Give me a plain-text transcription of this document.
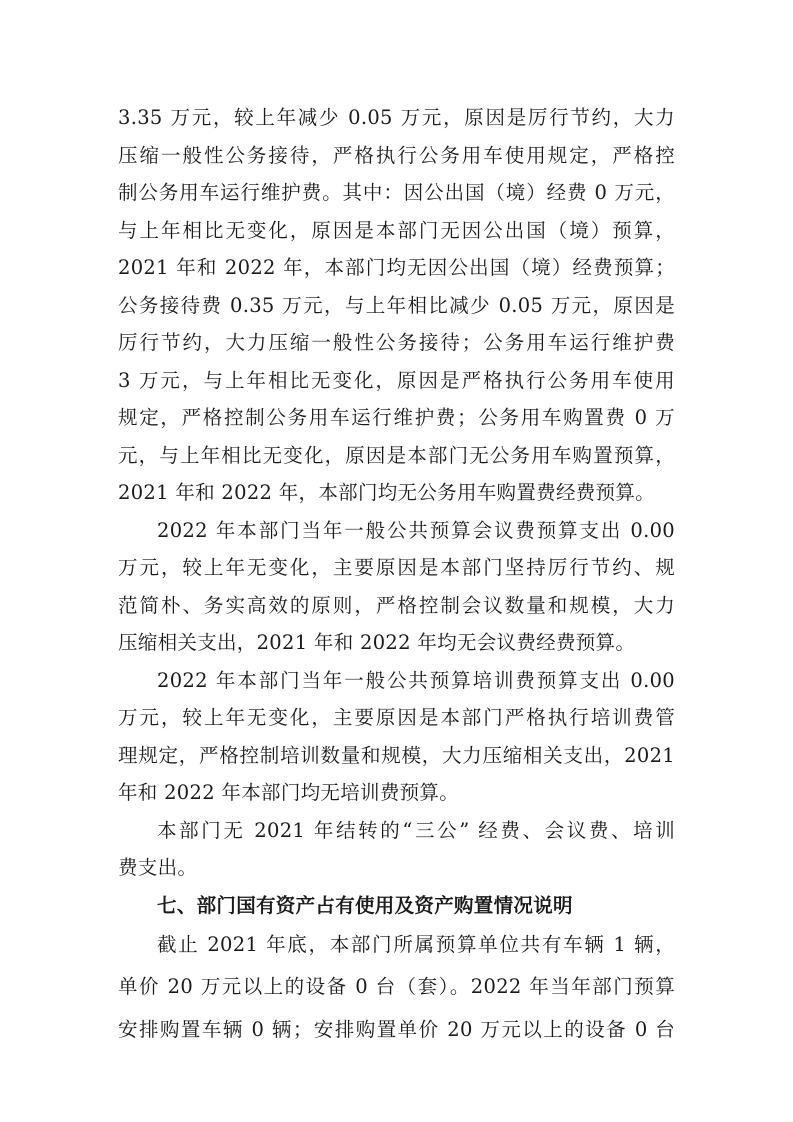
3.35 万元，较上年减少 0.05 万元，原因是厉行节约，大力
压缩一般性公务接待，严格执行公务用车使用规定，严格控
制公务用车运行维护费。其中：因公出国（境）经费 0 万元，
与上年相比无变化，原因是本部门无因公出国（境）预算，
2021 年和 2022 年，本部门均无因公出国（境）经费预算；
公务接待费 0.35 万元，与上年相比减少 0.05 万元，原因是
厉行节约，大力压缩一般性公务接待；公务用车运行维护费
3 万元，与上年相比无变化，原因是严格执行公务用车使用
规定，严格控制公务用车运行维护费；公务用车购置费 0 万
元，与上年相比无变化，原因是本部门无公务用车购置预算，
2021 年和 2022 年，本部门均无公务用车购置费经费预算。
2022 年本部门当年一般公共预算会议费预算支出 0.00
万元，较上年无变化，主要原因是本部门坚持厉行节约、规
范简朴、务实高效的原则，严格控制会议数量和规模，大力
压缩相关支出，2021 年和 2022 年均无会议费经费预算。
2022 年本部门当年一般公共预算培训费预算支出 0.00
万元，较上年无变化，主要原因是本部门严格执行培训费管
理规定，严格控制培训数量和规模，大力压缩相关支出，2021
年和 2022 年本部门均无培训费预算。
本部门无 2021 年结转的“三公” 经费、会议费、培训
费支出。
七、部门国有资产占有使用及资产购置情况说明
截止 2021 年底，本部门所属预算单位共有车辆 1 辆，
单价 20 万元以上的设备 0 台（套）。2022 年当年部门预算
安排购置车辆 0 辆；安排购置单价 20 万元以上的设备 0 台
